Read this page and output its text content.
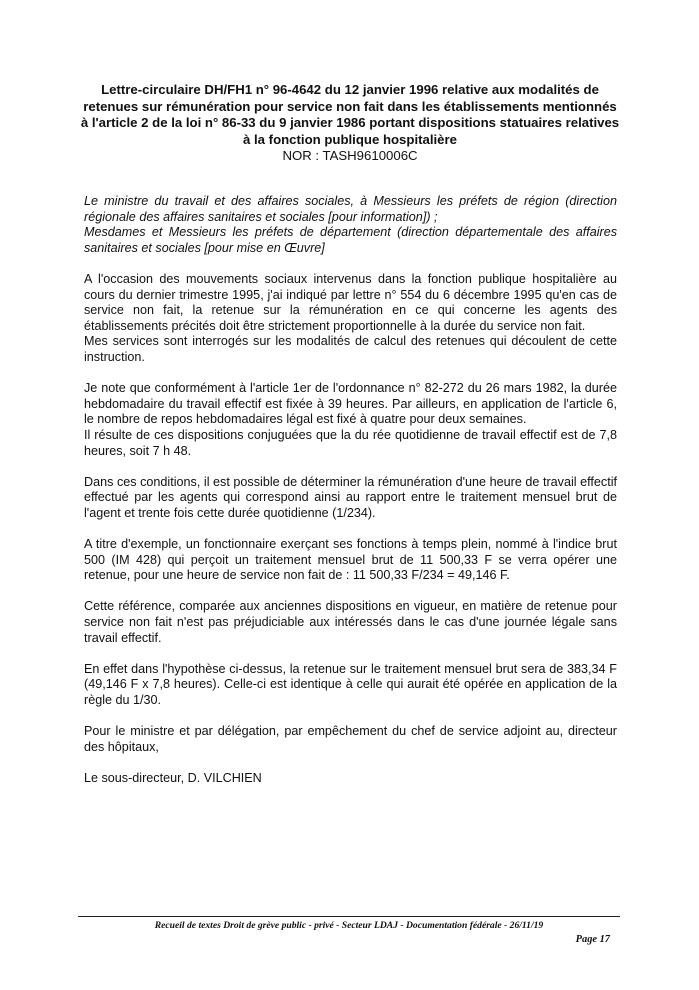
Lettre-circulaire DH/FH1 n° 96-4642 du 12 janvier 1996 relative aux modalités de retenues sur rémunération pour service non fait dans les établissements mentionnés à l'article 2 de la loi n° 86-33 du 9 janvier 1986 portant dispositions statuaires relatives à la fonction publique hospitalière
NOR : TASH9610006C

Le ministre du travail et des affaires sociales, à Messieurs les préfets de région (direction régionale des affaires sanitaires et sociales [pour information]) ;
Mesdames et Messieurs les préfets de département (direction départementale des affaires sanitaires et sociales [pour mise en Œuvre]

A l'occasion des mouvements sociaux intervenus dans la fonction publique hospitalière au cours du dernier trimestre 1995, j'ai indiqué par lettre n° 554 du 6 décembre 1995 qu'en cas de service non fait, la retenue sur la rémunération en ce qui concerne les agents des établissements précités doit être strictement proportionnelle à la durée du service non fait.
Mes services sont interrogés sur les modalités de calcul des retenues qui découlent de cette instruction.

Je note que conformément à l'article 1er de l'ordonnance n° 82-272 du 26 mars 1982, la durée hebdomadaire du travail effectif est fixée à 39 heures. Par ailleurs, en application de l'article 6, le nombre de repos hebdomadaires légal est fixé à quatre pour deux semaines.
Il résulte de ces dispositions conjuguées que la du rée quotidienne de travail effectif est de 7,8 heures, soit 7 h 48.

Dans ces conditions, il est possible de déterminer la rémunération d'une heure de travail effectif effectué par les agents qui correspond ainsi au rapport entre le traitement mensuel brut de l'agent et trente fois cette durée quotidienne (1/234).

A titre d'exemple, un fonctionnaire exerçant ses fonctions à temps plein, nommé à l'indice brut 500 (IM 428) qui perçoit un traitement mensuel brut de 11 500,33 F se verra opérer une retenue, pour une heure de service non fait de : 11 500,33 F/234 = 49,146 F.

Cette référence, comparée aux anciennes dispositions en vigueur, en matière de retenue pour service non fait n'est pas préjudiciable aux intéressés dans le cas d'une journée légale sans travail effectif.

En effet dans l'hypothèse ci-dessus, la retenue sur le traitement mensuel brut sera de 383,34 F (49,146 F x 7,8 heures). Celle-ci est identique à celle qui aurait été opérée en application de la règle du 1/30.

Pour le ministre et par délégation, par empêchement du chef de service adjoint au, directeur des hôpitaux,

Le sous-directeur, D. VILCHIEN

Recueil de textes Droit de grève public - privé - Secteur LDAJ - Documentation fédérale - 26/11/19
Page 17
